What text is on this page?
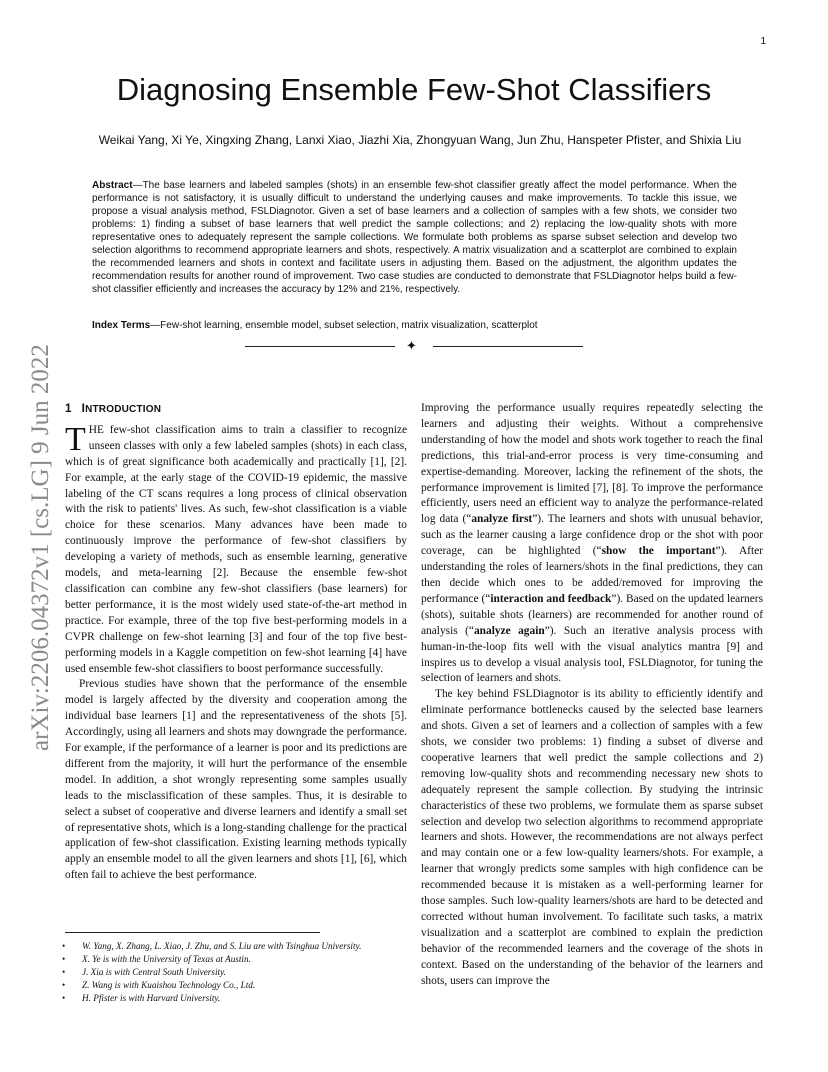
1
arXiv:2206.04372v1 [cs.LG] 9 Jun 2022
Diagnosing Ensemble Few-Shot Classifiers
Weikai Yang, Xi Ye, Xingxing Zhang, Lanxi Xiao, Jiazhi Xia, Zhongyuan Wang, Jun Zhu, Hanspeter Pfister, and Shixia Liu
Abstract—The base learners and labeled samples (shots) in an ensemble few-shot classifier greatly affect the model performance. When the performance is not satisfactory, it is usually difficult to understand the underlying causes and make improvements. To tackle this issue, we propose a visual analysis method, FSLDiagnotor. Given a set of base learners and a collection of samples with a few shots, we consider two problems: 1) finding a subset of base learners that well predict the sample collections; and 2) replacing the low-quality shots with more representative ones to adequately represent the sample collections. We formulate both problems as sparse subset selection and develop two selection algorithms to recommend appropriate learners and shots, respectively. A matrix visualization and a scatterplot are combined to explain the recommended learners and shots in context and facilitate users in adjusting them. Based on the adjustment, the algorithm updates the recommendation results for another round of improvement. Two case studies are conducted to demonstrate that FSLDiagnotor helps build a few-shot classifier efficiently and increases the accuracy by 12% and 21%, respectively.
Index Terms—Few-shot learning, ensemble model, subset selection, matrix visualization, scatterplot
✦
1 INTRODUCTION

THE few-shot classification aims to train a classifier to recognize unseen classes with only a few labeled samples (shots) in each class, which is of great significance both academically and practically [1], [2]. For example, at the early stage of the COVID-19 epidemic, the massive labeling of the CT scans requires a long process of clinical observation with the risk to patients' lives. As such, few-shot classification is a viable choice for these scenarios. Many advances have been made to continuously improve the performance of few-shot classifiers by developing a variety of methods, such as ensemble learning, generative models, and meta-learning [2]. Because the ensemble few-shot classification can combine any few-shot classifiers (base learners) for better performance, it is the most widely used state-of-the-art method in practice. For example, three of the top five best-performing models in a CVPR challenge on few-shot learning [3] and four of the top five best-performing models in a Kaggle competition on few-shot learning [4] have used ensemble few-shot classifiers to boost performance successfully.

Previous studies have shown that the performance of the ensemble model is largely affected by the diversity and cooperation among the individual base learners [1] and the representativeness of the shots [5]. Accordingly, using all learners and shots may downgrade the performance. For example, if the performance of a learner is poor and its predictions are different from the majority, it will hurt the performance of the ensemble model. In addition, a shot wrongly representing some samples usually leads to the misclassification of these samples. Thus, it is desirable to select a subset of cooperative and diverse learners and identify a small set of representative shots, which is a long-standing challenge for the practical application of few-shot classification. Existing learning methods typically apply an ensemble model to all the given learners and shots [1], [6], which often fail to achieve the best performance.

Improving the performance usually requires repeatedly selecting the learners and adjusting their weights. Without a comprehensive understanding of how the model and shots work together to reach the final predictions, this trial-and-error process is very time-consuming and expertise-demanding. Moreover, lacking the refinement of the shots, the performance improvement is limited [7], [8]. To improve the performance efficiently, users need an efficient way to analyze the performance-related log data (“analyze first”). The learners and shots with unusual behavior, such as the learner causing a large confidence drop or the shot with poor coverage, can be highlighted (“show the important”). After understanding the roles of learners/shots in the final predictions, they can then decide which ones to be added/removed for improving the performance (“interaction and feedback”). Based on the updated learners (shots), suitable shots (learners) are recommended for another round of analysis (“analyze again”). Such an iterative analysis process with human-in-the-loop fits well with the visual analytics mantra [9] and inspires us to develop a visual analysis tool, FSLDiagnotor, for tuning the selection of learners and shots.

The key behind FSLDiagnotor is its ability to efficiently identify and eliminate performance bottlenecks caused by the selected base learners and shots. Given a set of learners and a collection of samples with a few shots, we consider two problems: 1) finding a subset of diverse and cooperative learners that well predict the sample collections and 2) removing low-quality shots and recommending necessary new shots to adequately represent the sample collection. By studying the intrinsic characteristics of these two problems, we formulate them as sparse subset selection and develop two selection algorithms to recommend appropriate learners and shots. However, the recommendations are not always perfect and may contain one or a few low-quality learners/shots. For example, a learner that wrongly predicts some samples with high confidence can be recommended because it is mistaken as a well-performing learner for those samples. Such low-quality learners/shots are hard to be detected and corrected without human involvement. To facilitate such tasks, a matrix visualization and a scatterplot are combined to explain the prediction behavior of the recommended learners and the coverage of the shots in context. Based on the understanding of the behavior of the learners and shots, users can improve the

• W. Yang, X. Zhang, L. Xiao, J. Zhu, and S. Liu are with Tsinghua University.
• X. Ye is with the University of Texas at Austin.
• J. Xia is with Central South University.
• Z. Wang is with Kuaishou Technology Co., Ltd.
• H. Pfister is with Harvard University.
